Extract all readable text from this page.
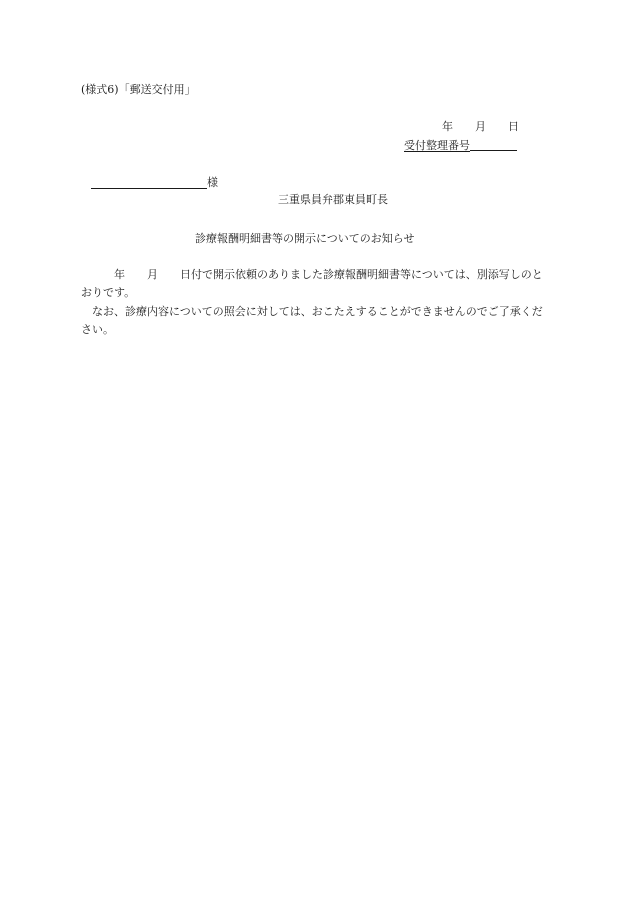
(様式6)「郵送交付用」
年 月 日
受付整理番号
様
三重県員弁郡東員町長
診療報酬明細書等の開示についてのお知らせ
年 月 日付で開示依頼のありました診療報酬明細書等については、別添写しのとおりです。
なお、診療内容についての照会に対しては、おこたえすることができませんのでご了承ください。
